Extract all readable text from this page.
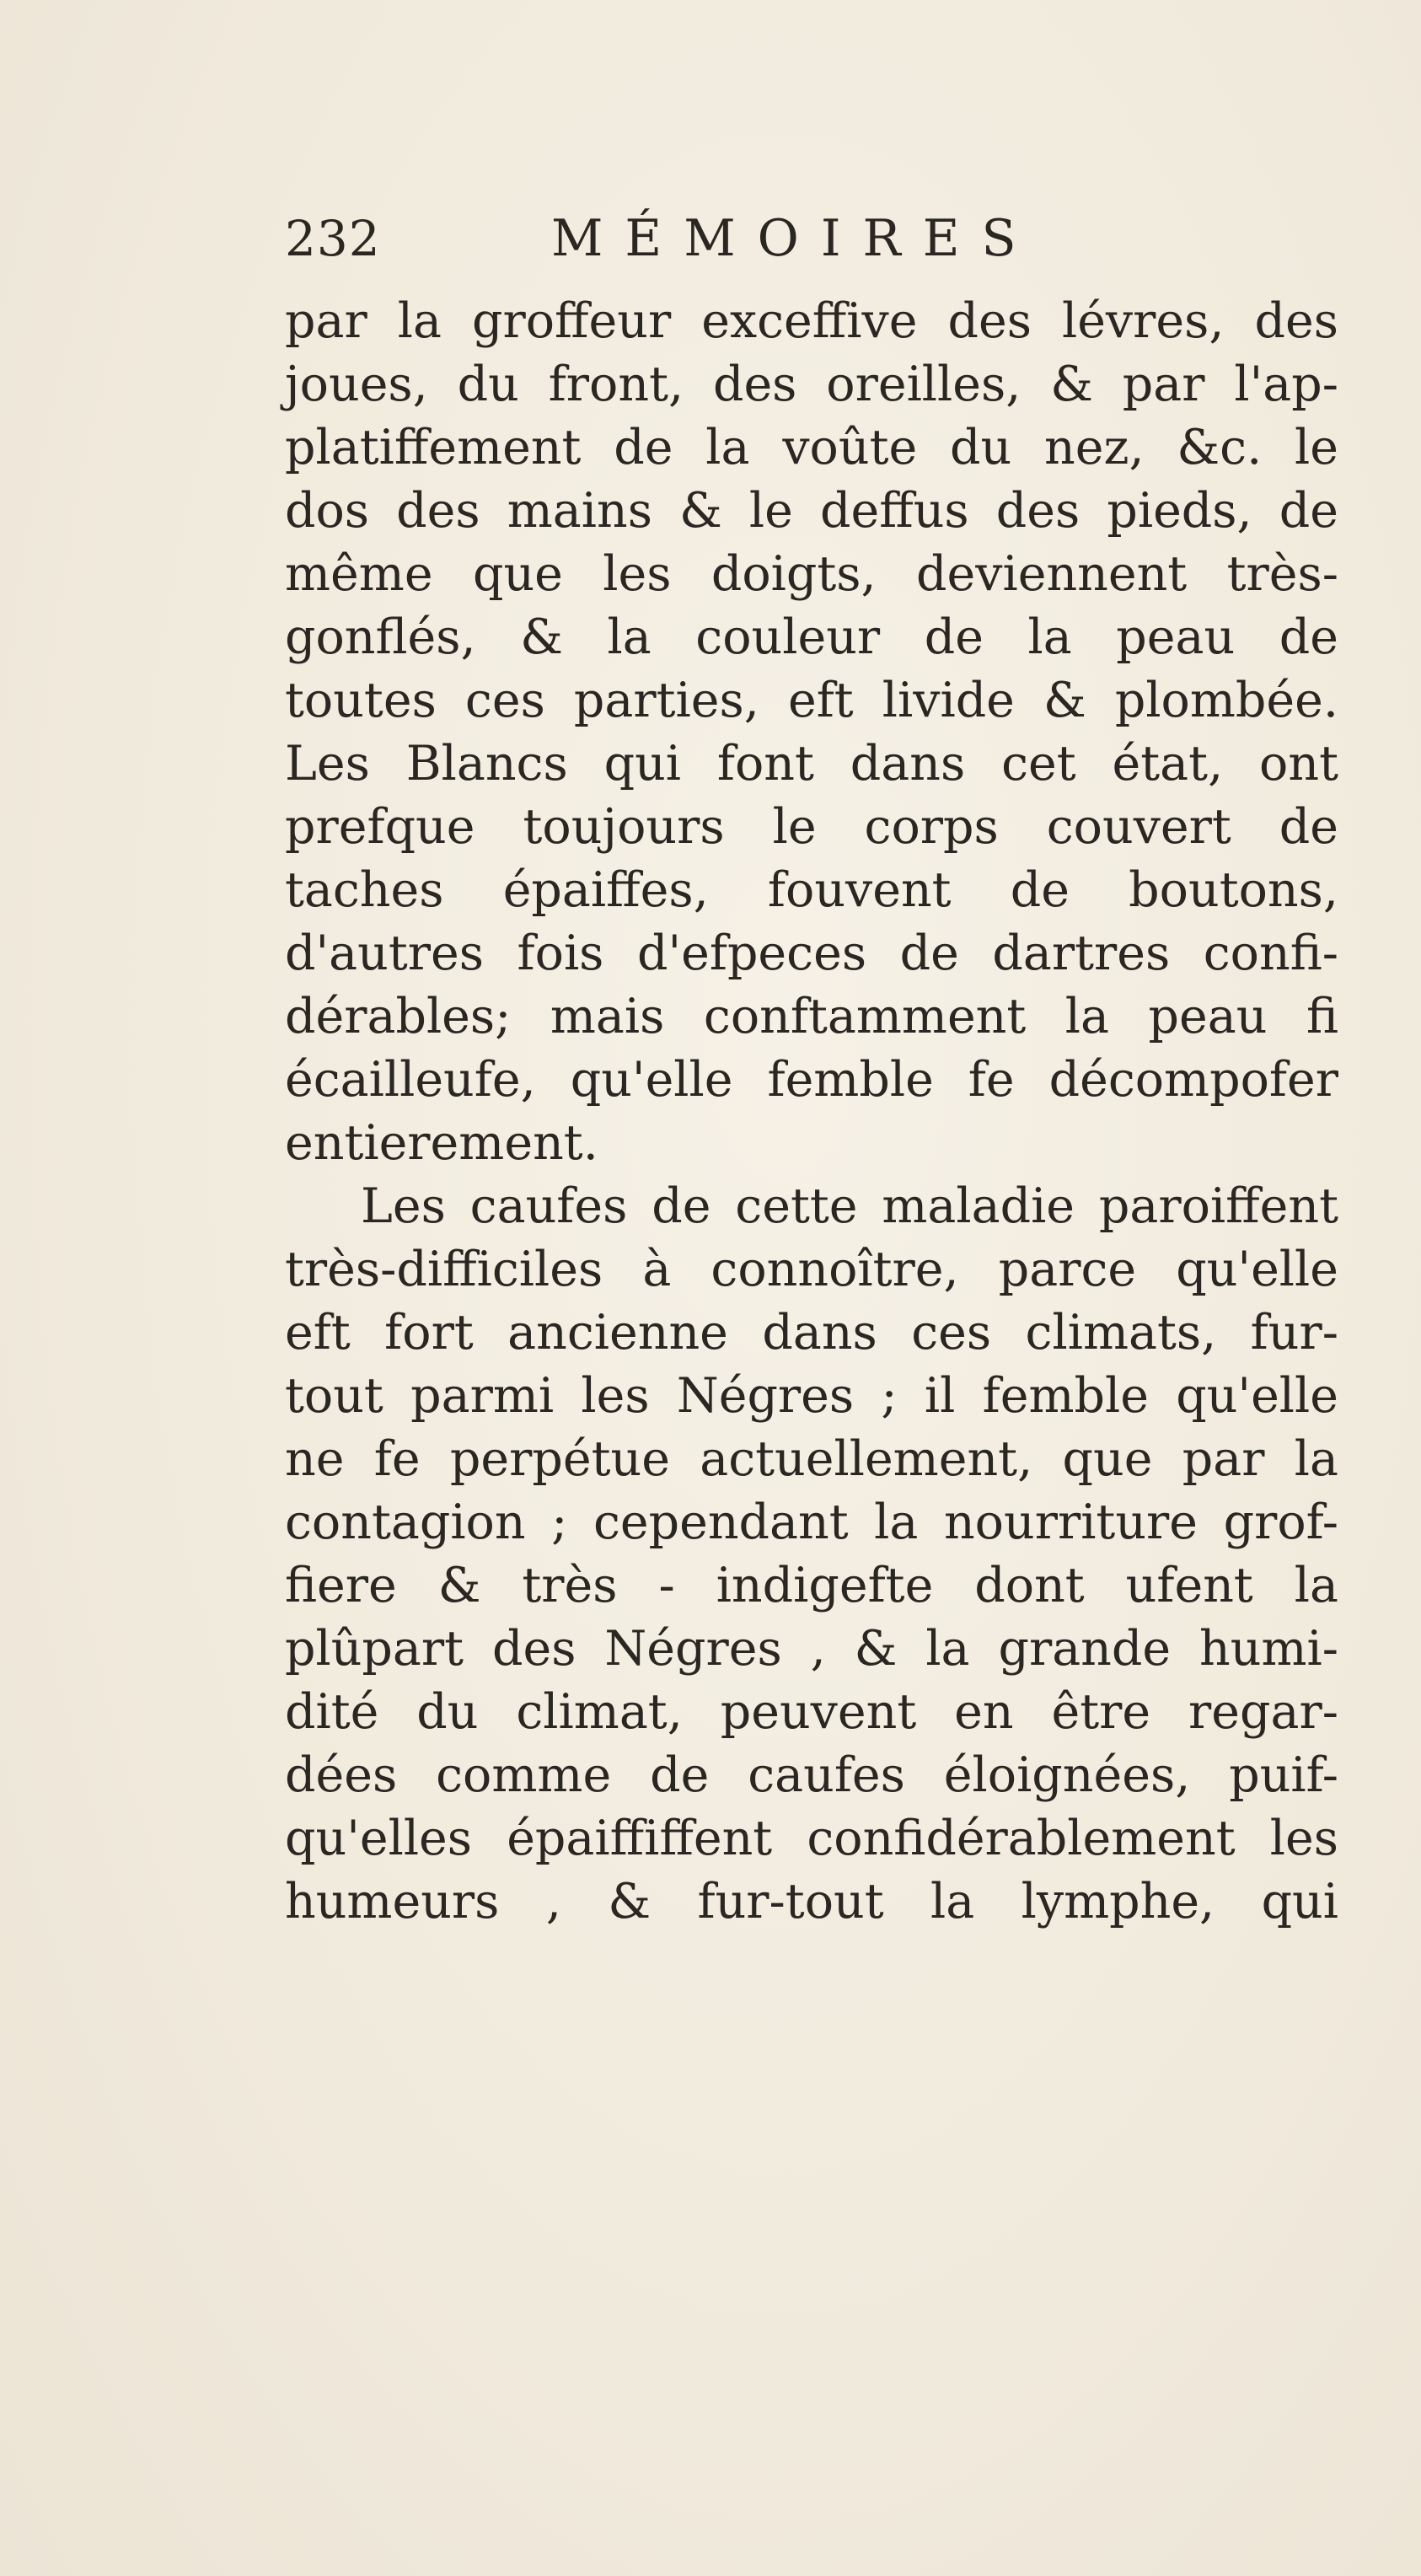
232	MÉMOIRES
par la groffeur exceffive des lévres, des
joues, du front, des oreilles, & par l'ap-
platiffement de la voûte du nez, &c. le
dos des mains & le deffus des pieds, de
même que les doigts, deviennent très-
gonflés, & la couleur de la peau de
toutes ces parties, eft livide & plombée.
Les Blancs qui font dans cet état, ont
prefque toujours le corps couvert de
taches épaiffes, fouvent de boutons,
d'autres fois d'efpeces de dartres confi-
dérables; mais conftamment la peau fi
écailleufe, qu'elle femble fe décompofer
entierement.
Les caufes de cette maladie paroiffent
très-difficiles à connoître, parce qu'elle
eft fort ancienne dans ces climats, fur-
tout parmi les Négres ; il femble qu'elle
ne fe perpétue actuellement, que par la
contagion ; cependant la nourriture grof-
fiere & très - indigefte dont ufent la
plûpart des Négres , & la grande humi-
dité du climat, peuvent en être regar-
dées comme de caufes éloignées, puif-
qu'elles épaiffiffent confidérablement les
humeurs , & fur-tout la lymphe, qui
